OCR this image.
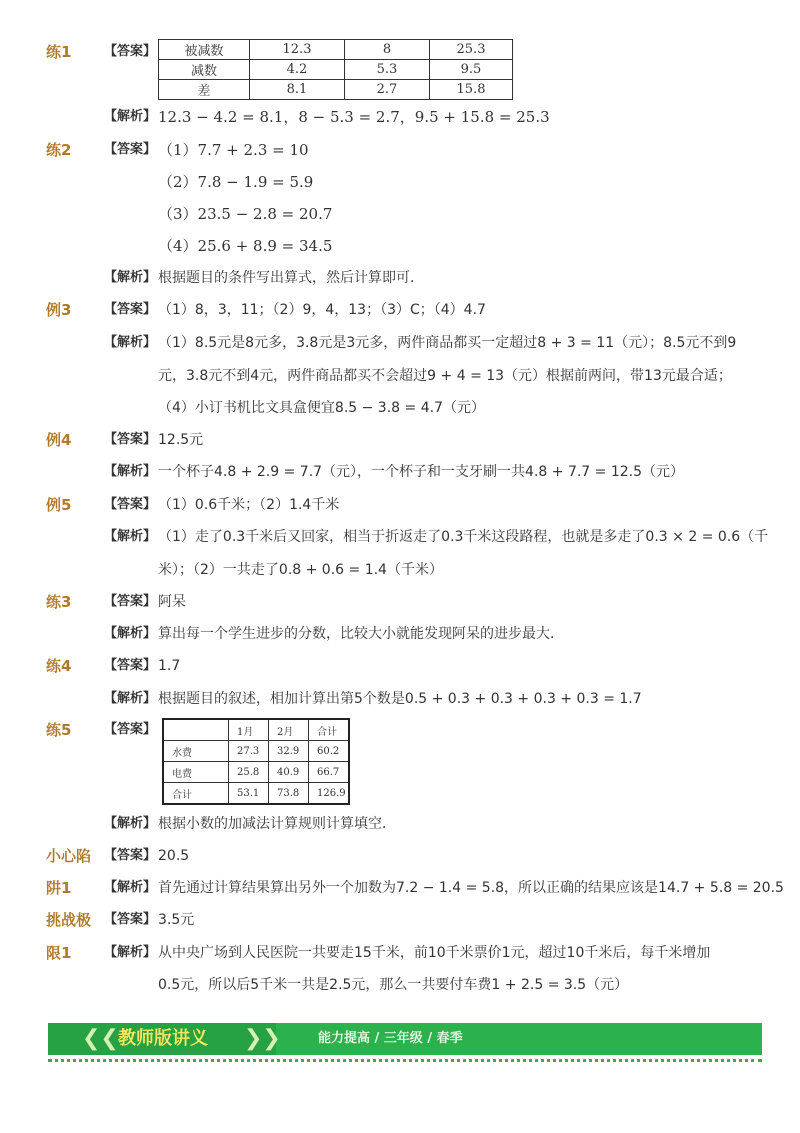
练1	【答案】 被减数	12.3	8	25.3
减数	4.2	5.3	9.5
差	8.1	2.7	15.8
【解析】 12.3 − 4.2 = 8.1，8 − 5.3 = 2.7，9.5 + 15.8 = 25.3
练2	【答案】 （1）7.7 + 2.3 = 10
（2）7.8 − 1.9 = 5.9
（3）23.5 − 2.8 = 20.7
（4）25.6 + 8.9 = 34.5
【解析】 根据题目的条件写出算式，然后计算即可．
例3	【答案】 （1）8，3，11；（2）9，4，13；（3）C；（4）4.7
【解析】 （1）8.5元是8元多，3.8元是3元多，两件商品都买一定超过8 + 3 = 11（元）；8.5元不到9
元，3.8元不到4元，两件商品都买不会超过9 + 4 = 13（元）根据前两问，带13元最合适；
（4）小订书机比文具盒便宜8.5 − 3.8 = 4.7（元）
例4	【答案】 12.5元
【解析】 一个杯子4.8 + 2.9 = 7.7（元），一个杯子和一支牙刷一共4.8 + 7.7 = 12.5（元）
例5	【答案】 （1）0.6千米；（2）1.4千米
【解析】 （1）走了0.3千米后又回家，相当于折返走了0.3千米这段路程，也就是多走了0.3 × 2 = 0.6（千
米）；（2）一共走了0.8 + 0.6 = 1.4（千米）
练3	【答案】 阿呆
【解析】 算出每一个学生进步的分数，比较大小就能发现阿呆的进步最大．
练4	【答案】 1.7
【解析】 根据题目的叙述，相加计算出第5个数是0.5 + 0.3 + 0.3 + 0.3 + 0.3 = 1.7
练5	【答案】
		1月	2月	合计
水费	27.3	32.9	60.2
电费	25.8	40.9	66.7
合计	53.1	73.8	126.9
【解析】 根据小数的加减法计算规则计算填空．
小心陷 【答案】 20.5
阱1	【解析】 首先通过计算结果算出另外一个加数为7.2 − 1.4 = 5.8，所以正确的结果应该是14.7 + 5.8 = 20.5
挑战极 【答案】 3.5元
限1	【解析】 从中央广场到人民医院一共要走15千米，前10千米票价1元，超过10千米后，每千米增加
0.5元，所以后5千米一共是2.5元，那么一共要付车费1 + 2.5 = 3.5（元）
❮❮ 教师版讲义 ❯❯	能力提高 / 三年级 / 春季
